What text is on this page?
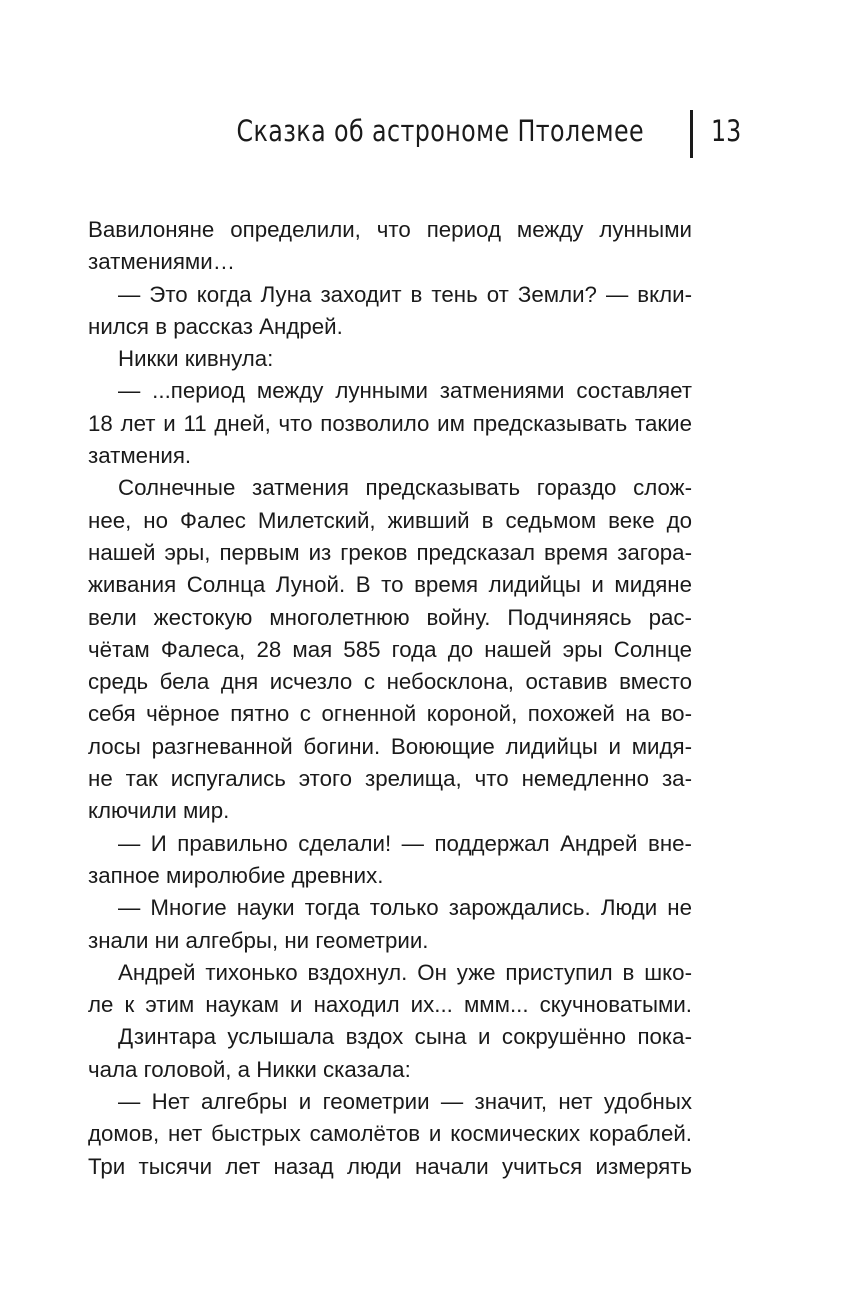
Сказка об астрономе Птолемее 13
Вавилоняне определили, что период между лунными
затмениями…
— Это когда Луна заходит в тень от Земли? — вкли-
нился в рассказ Андрей.
Никки кивнула:
— ...период между лунными затмениями составляет
18 лет и 11 дней, что позволило им предсказывать такие
затмения.
Солнечные затмения предсказывать гораздо слож-
нее, но Фалес Милетский, живший в седьмом веке до
нашей эры, первым из греков предсказал время загора-
живания Солнца Луной. В то время лидийцы и мидяне
вели жестокую многолетнюю войну. Подчиняясь рас-
чётам Фалеса, 28 мая 585 года до нашей эры Солнце
средь бела дня исчезло с небосклона, оставив вместо
себя чёрное пятно с огненной короной, похожей на во-
лосы разгневанной богини. Воюющие лидийцы и мидя-
не так испугались этого зрелища, что немедленно за-
ключили мир.
— И правильно сделали! — поддержал Андрей вне-
запное миролюбие древних.
— Многие науки тогда только зарождались. Люди не
знали ни алгебры, ни геометрии.
Андрей тихонько вздохнул. Он уже приступил в шко-
ле к этим наукам и находил их... ммм... скучноватыми.
Дзинтара услышала вздох сына и сокрушённо пока-
чала головой, а Никки сказала:
— Нет алгебры и геометрии — значит, нет удобных
домов, нет быстрых самолётов и космических кораблей.
Три тысячи лет назад люди начали учиться измерять
